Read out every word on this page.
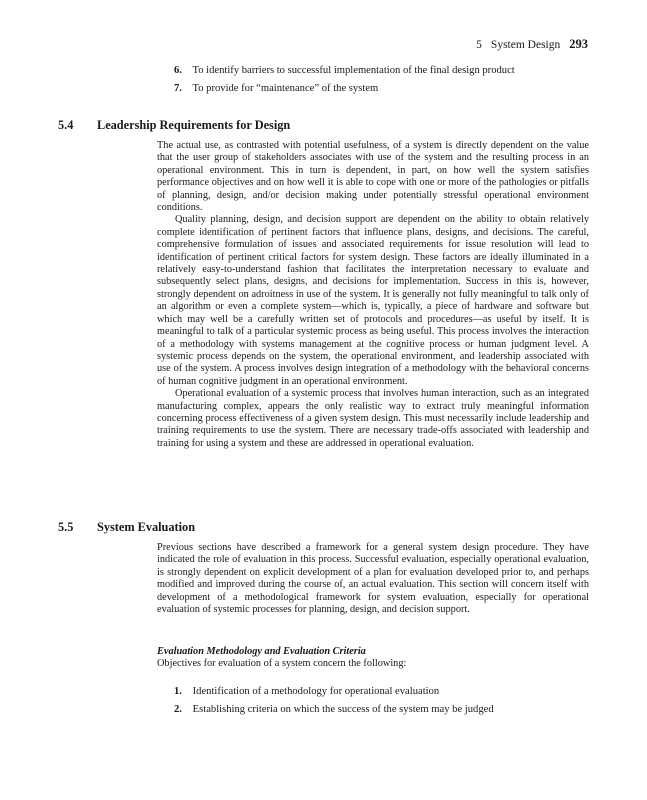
5 System Design 293
6. To identify barriers to successful implementation of the final design product
7. To provide for “maintenance” of the system
5.4 Leadership Requirements for Design

The actual use, as contrasted with potential usefulness, of a system is directly dependent on the value that the user group of stakeholders associates with use of the system and the resulting process in an operational environment. This in turn is dependent, in part, on how well the system satisfies performance objectives and on how well it is able to cope with one or more of the pathologies or pitfalls of planning, design, and/or decision making under potentially stressful operational environment conditions.

Quality planning, design, and decision support are dependent on the ability to obtain relatively complete identification of pertinent factors that influence plans, designs, and decisions. The careful, comprehensive formulation of issues and associated requirements for issue resolution will lead to identification of pertinent critical factors for system design. These factors are ideally illuminated in a relatively easy-to-understand fashion that facilitates the interpretation necessary to evaluate and subsequently select plans, designs, and decisions for implementation. Success in this is, however, strongly dependent on adroitness in use of the system. It is generally not fully meaningful to talk only of an algorithm or even a complete system—which is, typically, a piece of hardware and software but which may well be a carefully written set of protocols and procedures—as useful by itself. It is meaningful to talk of a particular systemic process as being useful. This process involves the interaction of a methodology with systems management at the cognitive process or human judgment level. A systemic process depends on the system, the operational environment, and leadership associated with use of the system. A process involves design integration of a methodology with the behavioral concerns of human cognitive judgment in an operational environment.

Operational evaluation of a systemic process that involves human interaction, such as an integrated manufacturing complex, appears the only realistic way to extract truly meaningful information concerning process effectiveness of a given system design. This must necessarily include leadership and training requirements to use the system. There are necessary trade-offs associated with leadership and training for using a system and these are addressed in operational evaluation.

5.5 System Evaluation

Previous sections have described a framework for a general system design procedure. They have indicated the role of evaluation in this process. Successful evaluation, especially operational evaluation, is strongly dependent on explicit development of a plan for evaluation developed prior to, and perhaps modified and improved during the course of, an actual evaluation. This section will concern itself with development of a methodological framework for system evaluation, especially for operational evaluation of systemic processes for planning, design, and decision support.

Evaluation Methodology and Evaluation Criteria
Objectives for evaluation of a system concern the following:
1. Identification of a methodology for operational evaluation
2. Establishing criteria on which the success of the system may be judged
